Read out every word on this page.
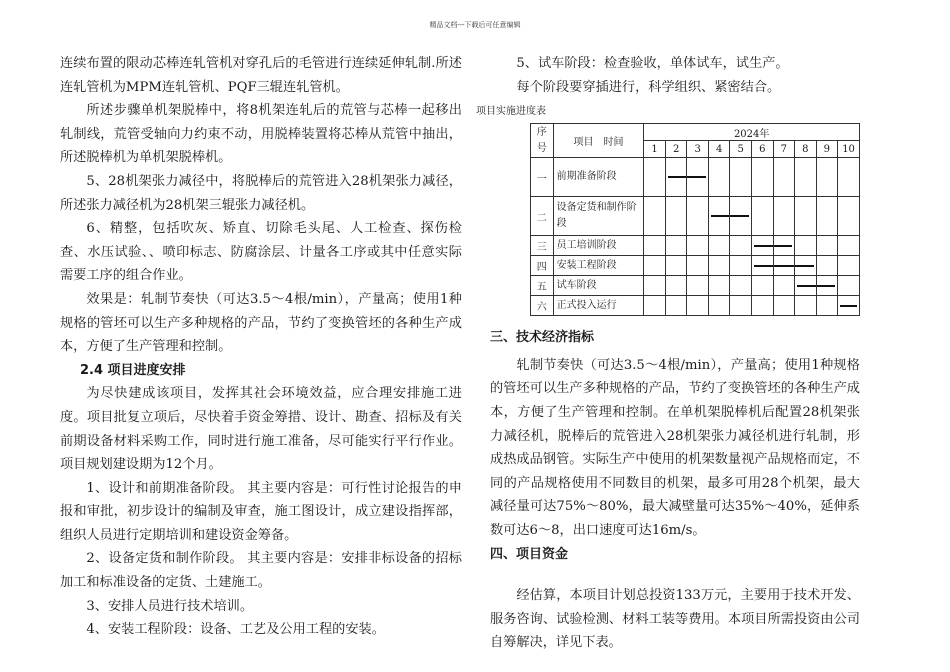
精品文档---下载后可任意编辑

连续布置的限动芯棒连轧管机对穿孔后的毛管进行连续延伸轧制.所述连轧管机为MPM连轧管机、PQF三辊连轧管机。

所述步骤单机架脱棒中，将8机架连轧后的荒管与芯棒一起移出轧制线，荒管受轴向力约束不动，用脱棒装置将芯棒从荒管中抽出，所述脱棒机为单机架脱棒机。

5、28机架张力减径中，将脱棒后的荒管进入28机架张力减径，所述张力减径机为28机架三辊张力减径机。

6、精整，包括吹灰、矫直、切除毛头尾、人工检查、探伤检查、水压试验、、喷印标志、防腐涂层、计量各工序或其中任意实际需要工序的组合作业。

效果是：轧制节奏快（可达3.5～4根/min），产量高；使用1种规格的管坯可以生产多种规格的产品，节约了变换管坯的各种生产成本，方便了生产管理和控制。

2.4 项目进度安排

为尽快建成该项目，发挥其社会环境效益，应合理安排施工进度。项目批复立项后，尽快着手资金筹措、设计、勘查、招标及有关前期设备材料采购工作，同时进行施工准备，尽可能实行平行作业。项目规划建设期为12个月。

1、设计和前期准备阶段。 其主要内容是：可行性讨论报告的申报和审批，初步设计的编制及审查，施工图设计，成立建设指挥部，组织人员进行定期培训和建设资金筹备。

2、设备定货和制作阶段。 其主要内容是：安排非标设备的招标加工和标准设备的定货、土建施工。

3、安排人员进行技术培训。

4、安装工程阶段：设备、工艺及公用工程的安装。

5、试车阶段：检查验收，单体试车，试生产。

每个阶段要穿插进行，科学组织、紧密结合。

项目实施进度表

序
号	项目　时间	2024年									
		1	2	3	4	5	6	7	8	9	10
一	前期准备阶段		

二	设备定货和制作阶段				

三	员工培训阶段						

四	安装工程阶段						

五	试车阶段								

六	正式投入运行										

三、技术经济指标

轧制节奏快（可达3.5～4根/min），产量高；使用1种规格的管坯可以生产多种规格的产品，节约了变换管坯的各种生产成本，方便了生产管理和控制。在单机架脱棒机后配置28机架张力减径机，脱棒后的荒管进入28机架张力减径机进行轧制，形成热成品钢管。实际生产中使用的机架数量视产品规格而定，不同的产品规格使用不同数目的机架，最多可用28个机架，最大减径量可达75%～80%，最大减壁量可达35%～40%，延伸系数可达6～8，出口速度可达16m/s。

四、项目资金

经估算，本项目计划总投资133万元，主要用于技术开发、服务咨询、试验检测、材料工装等费用。本项目所需投资由公司自筹解决，详见下表。
